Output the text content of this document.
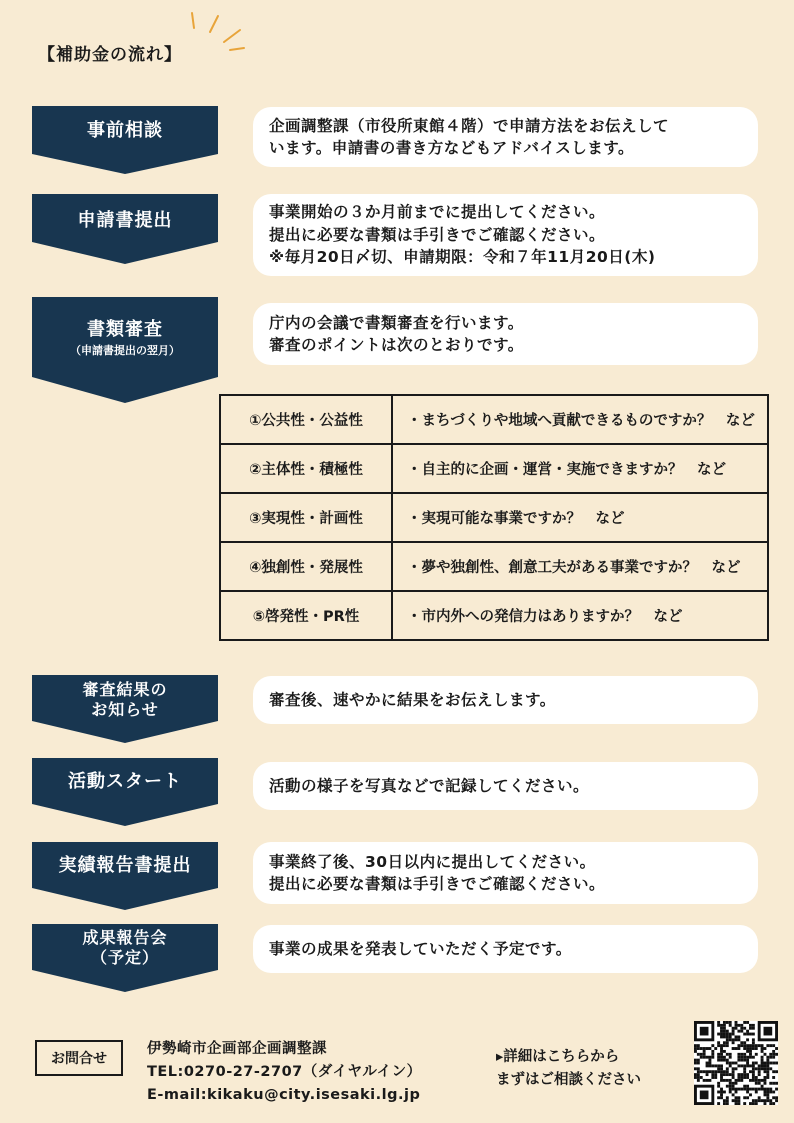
【補助金の流れ】
事前相談	企画調整課（市役所東館４階）で申請方法をお伝えして
います。申請書の書き方などもアドバイスします。
申請書提出	事業開始の３か月前までに提出してください。
提出に必要な書類は手引きでご確認ください。
※毎月20日〆切、申請期限：令和７年11月20日(木)
書類審査
（申請書提出の翌月）
庁内の会議で書類審査を行います。
審査のポイントは次のとおりです。
①公共性・公益性	・まちづくりや地域へ貢献できるものですか？　など
②主体性・積極性	・自主的に企画・運営・実施できますか？　など
③実現性・計画性	・実現可能な事業ですか？　など
④独創性・発展性	・夢や独創性、創意工夫がある事業ですか？　など
⑤啓発性・PR性	・市内外への発信力はありますか？　など
審査結果の
お知らせ
審査後、速やかに結果をお伝えします。
活動スタート	活動の様子を写真などで記録してください。
実績報告書提出	事業終了後、30日以内に提出してください。
提出に必要な書類は手引きでご確認ください。
成果報告会
（予定）	事業の成果を発表していただく予定です。
お問合せ
伊勢崎市企画部企画調整課
TEL:0270-27-2707（ダイヤルイン）
E-mail:kikaku@city.isesaki.lg.jp
▸詳細はこちらから
まずはご相談ください
